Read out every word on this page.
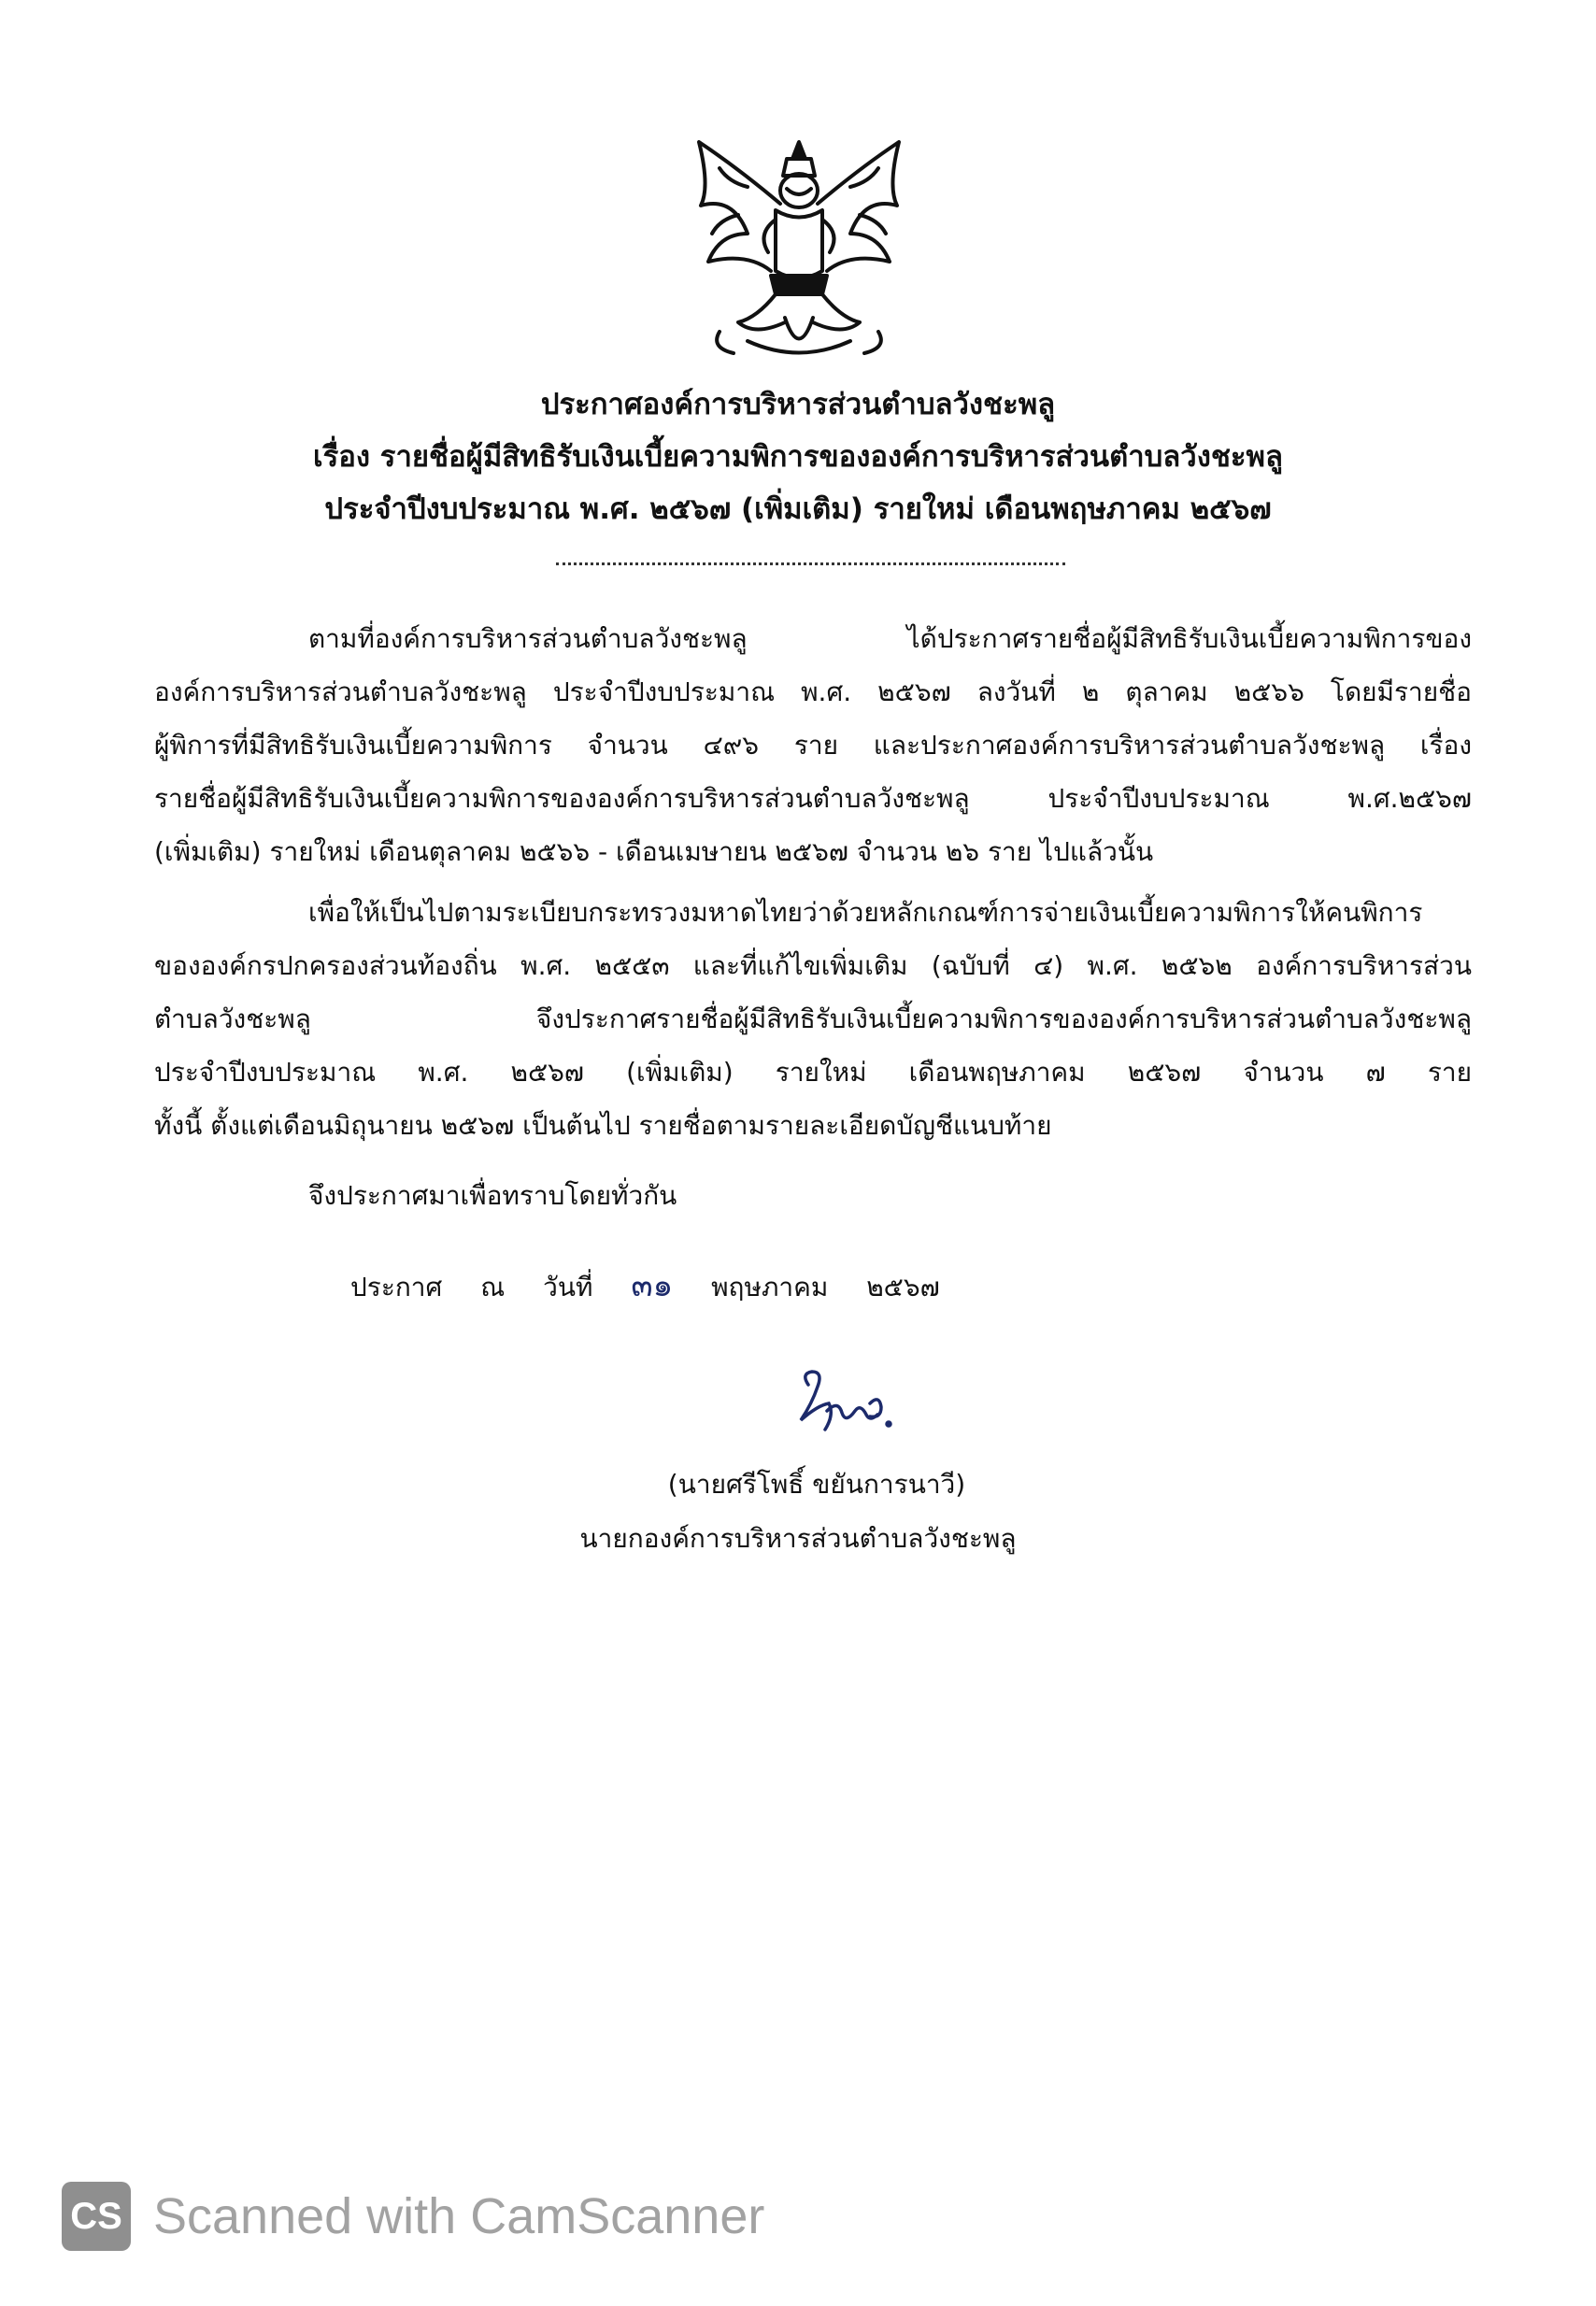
ประกาศองค์การบริหารส่วนตำบลวังชะพลู
เรื่อง รายชื่อผู้มีสิทธิรับเงินเบี้ยความพิการขององค์การบริหารส่วนตำบลวังชะพลู
ประจำปีงบประมาณ พ.ศ. ๒๕๖๗ (เพิ่มเติม) รายใหม่ เดือนพฤษภาคม ๒๕๖๗
ตามที่องค์การบริหารส่วนตำบลวังชะพลู ได้ประกาศรายชื่อผู้มีสิทธิรับเงินเบี้ยความพิการของ
องค์การบริหารส่วนตำบลวังชะพลู ประจำปีงบประมาณ พ.ศ. ๒๕๖๗ ลงวันที่ ๒ ตุลาคม ๒๕๖๖ โดยมีรายชื่อ
ผู้พิการที่มีสิทธิรับเงินเบี้ยความพิการ จำนวน ๔๙๖ ราย และประกาศองค์การบริหารส่วนตำบลวังชะพลู เรื่อง
รายชื่อผู้มีสิทธิรับเงินเบี้ยความพิการขององค์การบริหารส่วนตำบลวังชะพลู ประจำปีงบประมาณ พ.ศ.๒๕๖๗
(เพิ่มเติม) รายใหม่ เดือนตุลาคม ๒๕๖๖ - เดือนเมษายน ๒๕๖๗ จำนวน ๒๖ ราย ไปแล้วนั้น
เพื่อให้เป็นไปตามระเบียบกระทรวงมหาดไทยว่าด้วยหลักเกณฑ์การจ่ายเงินเบี้ยความพิการให้คนพิการ
ขององค์กรปกครองส่วนท้องถิ่น พ.ศ. ๒๕๕๓ และที่แก้ไขเพิ่มเติม (ฉบับที่ ๔) พ.ศ. ๒๕๖๒ องค์การบริหารส่วน
ตำบลวังชะพลู จึงประกาศรายชื่อผู้มีสิทธิรับเงินเบี้ยความพิการขององค์การบริหารส่วนตำบลวังชะพลู
ประจำปีงบประมาณ พ.ศ. ๒๕๖๗ (เพิ่มเติม) รายใหม่ เดือนพฤษภาคม ๒๕๖๗ จำนวน ๗ ราย
ทั้งนี้ ตั้งแต่เดือนมิถุนายน ๒๕๖๗ เป็นต้นไป รายชื่อตามรายละเอียดบัญชีแนบท้าย
จึงประกาศมาเพื่อทราบโดยทั่วกัน
ประกาศ ณ วันที่ ๓๑ พฤษภาคม ๒๕๖๗
(นายศรีโพธิ์ ขยันการนาวี)
นายกองค์การบริหารส่วนตำบลวังชะพลู
CS Scanned with CamScanner
